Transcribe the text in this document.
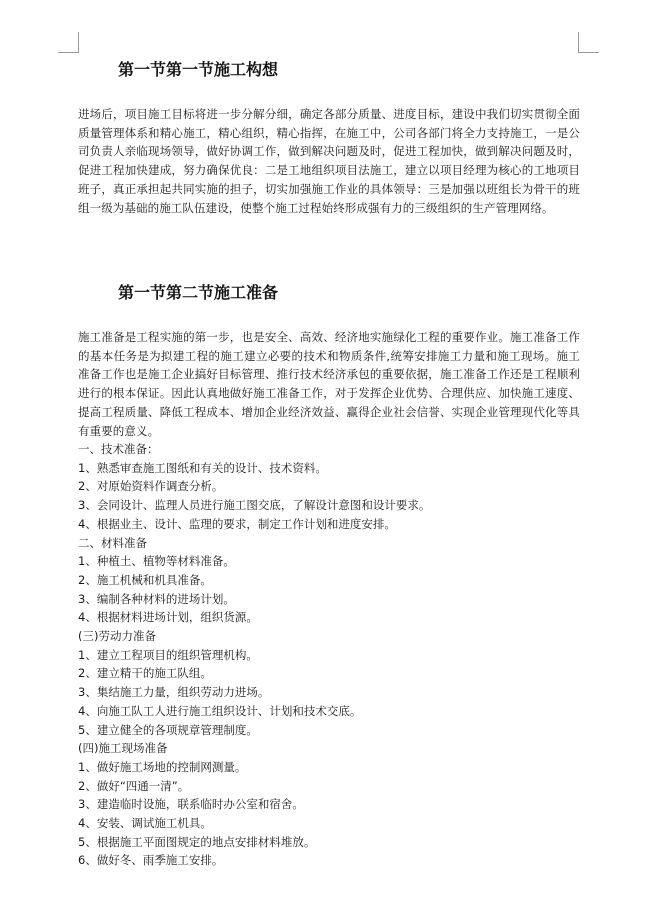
第一节第一节施工构想

进场后，项目施工目标将进一步分解分细，确定各部分质量、进度目标，建设中我们切实贯彻全面质量管理体系和精心施工，精心组织，精心指挥，在施工中，公司各部门将全力支持施工，一是公司负责人亲临现场领导，做好协调工作，做到解决问题及时，促进工程加快，做到解决问题及时，促进工程加快建成，努力确保优良：二是工地组织项目法施工，建立以项目经理为核心的工地项目班子，真正承担起共同实施的担子，切实加强施工作业的具体领导：三是加强以班组长为骨干的班组一级为基础的施工队伍建设，使整个施工过程始终形成强有力的三级组织的生产管理网络。

第一节第二节施工准备

施工准备是工程实施的第一步，也是安全、高效、经济地实施绿化工程的重要作业。施工准备工作的基本任务是为拟建工程的施工建立必要的技术和物质条件,统筹安排施工力量和施工现场。施工准备工作也是施工企业搞好目标管理、推行技术经济承包的重要依据，施工准备工作还是工程顺利进行的根本保证。因此认真地做好施工准备工作，对于发挥企业优势、合理供应、加快施工速度、提高工程质量、降低工程成本、增加企业经济效益、赢得企业社会信誉、实现企业管理现代化等具有重要的意义。

一、技术准备：
1、熟悉审查施工图纸和有关的设计、技术资料。
2、对原始资料作调查分析。
3、会同设计、监理人员进行施工图交底，了解设计意图和设计要求。
4、根据业主、设计、监理的要求，制定工作计划和进度安排。
二、材料准备
1、种植土、植物等材料准备。
2、施工机械和机具准备。
3、编制各种材料的进场计划。
4、根据材料进场计划，组织货源。
(三)劳动力准备
1、建立工程项目的组织管理机构。
2、建立精干的施工队组。
3、集结施工力量，组织劳动力进场。
4、向施工队工人进行施工组织设计、计划和技术交底。
5、建立健全的各项规章管理制度。
(四)施工现场准备
1、做好施工场地的控制网测量。
2、做好“四通一清”。
3、建造临时设施，联系临时办公室和宿舍。
4、安装、调试施工机具。
5、根据施工平面图规定的地点安排材料堆放。
6、做好冬、雨季施工安排。
